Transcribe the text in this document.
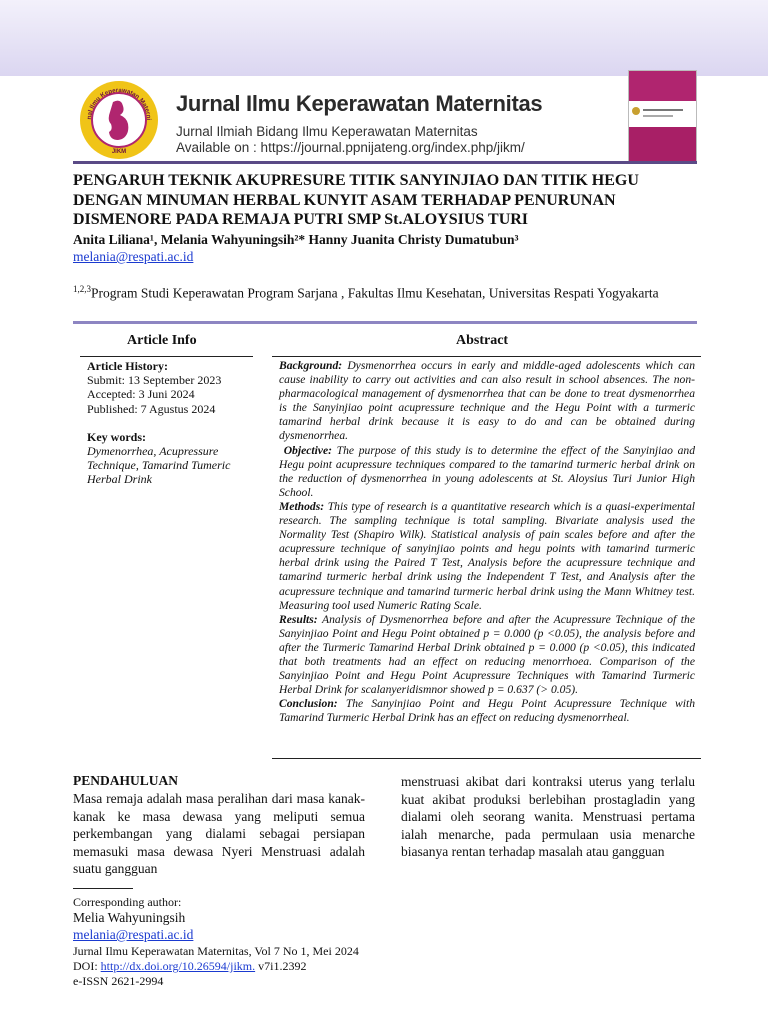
JIKM
nal Ilmu Keperawatan Materni
Jurnal Ilmu Keperawatan Maternitas
Jurnal Ilmiah Bidang Ilmu Keperawatan Maternitas
Available on : https://journal.ppnijateng.org/index.php/jikm/
PENGARUH TEKNIK AKUPRESURE TITIK SANYINJIAO DAN TITIK HEGU DENGAN MINUMAN HERBAL KUNYIT ASAM TERHADAP PENURUNAN DISMENORE PADA REMAJA PUTRI SMP St.ALOYSIUS TURI
Anita Liliana¹, Melania Wahyuningsih²* Hanny Juanita Christy Dumatubun³
melania@respati.ac.id
$^{1,2,3}$Program Studi Keperawatan Program Sarjana , Fakultas Ilmu Kesehatan, Universitas Respati Yogyakarta
Article Info	Abstract
Article History:
Submit: 13 September 2023
Accepted: 3 Juni 2024
Published: 7 Agustus 2024
Key words:
Dymenorrhea, Acupressure Technique, Tamarind Tumeric Herbal Drink

Background: Dysmenorrhea occurs in early and middle-aged adolescents which can cause inability to carry out activities and can also result in school absences. The non-pharmacological management of dysmenorrhea that can be done to treat dysmenorrhea is the Sanyinjiao point acupressure technique and the Hegu Point with a turmeric tamarind herbal drink because it is easy to do and can be obtained during dysmenorrhea.

Objective: The purpose of this study is to determine the effect of the Sanyinjiao and Hegu point acupressure techniques compared to the tamarind turmeric herbal drink on the reduction of dysmenorrhea in young adolescents at St. Aloysius Turi Junior High School.

Methods: This type of research is a quantitative research which is a quasi-experimental research. The sampling technique is total sampling. Bivariate analysis used the Normality Test (Shapiro Wilk). Statistical analysis of pain scales before and after the acupressure technique of sanyinjiao points and hegu points with tamarind turmeric herbal drink using the Paired T Test, Analysis before the acupressure technique and tamarind turmeric herbal drink using the Independent T Test, and Analysis after the acupressure technique and tamarind turmeric herbal drink using the Mann Whitney test. Measuring tool used Numeric Rating Scale.

Results: Analysis of Dysmenorrhea before and after the Acupressure Technique of the Sanyinjiao Point and Hegu Point obtained p = 0.000 (p <0.05), the analysis before and after the Turmeric Tamarind Herbal Drink obtained p = 0.000 (p <0.05), this indicated that both treatments had an effect on reducing menorrhoea. Comparison of the Sanyinjiao Point and Hegu Point Acupressure Techniques with Tamarind Turmeric Herbal Drink for scalanyeridismnor showed p = 0.637 (> 0.05).

Conclusion: The Sanyinjiao Point and Hegu Point Acupressure Technique with Tamarind Turmeric Herbal Drink has an effect on reducing dysmenorrheal.

PENDAHULUAN
Masa remaja adalah masa peralihan dari masa kanak-kanak ke masa dewasa yang meliputi semua perkembangan yang dialami sebagai persiapan memasuki masa dewasa Nyeri Menstruasi adalah suatu gangguan
menstruasi akibat dari kontraksi uterus yang terlalu kuat akibat produksi berlebihan prostagladin yang dialami oleh seorang wanita. Menstruasi pertama ialah menarche, pada permulaan usia menarche biasanya rentan terhadap masalah atau gangguan
Corresponding author:
Melia Wahyuningsih
melania@respati.ac.id
Jurnal Ilmu Keperawatan Maternitas, Vol 7 No 1, Mei 2024
DOI: http://dx.doi.org/10.26594/jikm. v7i1.2392
e-ISSN 2621-2994
